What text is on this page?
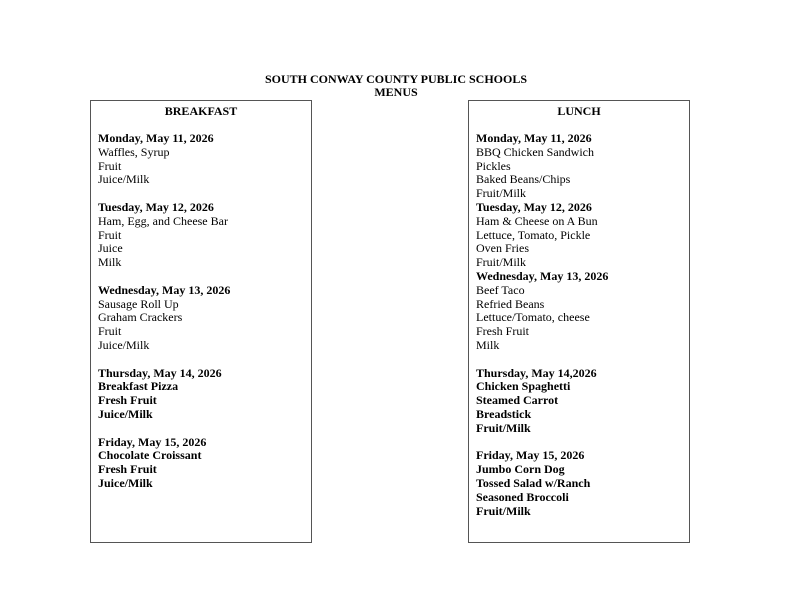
SOUTH CONWAY COUNTY PUBLIC SCHOOLS
MENUS
BREAKFAST
Monday, May 11, 2026
Waffles, Syrup
Fruit
Juice/Milk
Tuesday, May 12, 2026
Ham, Egg, and Cheese Bar
Fruit
Juice
Milk
Wednesday, May 13, 2026
Sausage Roll Up
Graham Crackers
Fruit
Juice/Milk
Thursday, May 14, 2026
Breakfast Pizza
Fresh Fruit
Juice/Milk
Friday, May 15, 2026
Chocolate Croissant
Fresh Fruit
Juice/Milk
LUNCH
Monday, May 11, 2026
BBQ Chicken Sandwich
Pickles
Baked Beans/Chips
Fruit/Milk
Tuesday, May 12, 2026
Ham & Cheese on A Bun
Lettuce, Tomato, Pickle
Oven Fries
Fruit/Milk
Wednesday, May 13, 2026
Beef Taco
Refried Beans
Lettuce/Tomato, cheese
Fresh Fruit
Milk
Thursday, May 14,2026
Chicken Spaghetti
Steamed Carrot
Breadstick
Fruit/Milk
Friday, May 15, 2026
Jumbo Corn Dog
Tossed Salad w/Ranch
Seasoned Broccoli
Fruit/Milk
